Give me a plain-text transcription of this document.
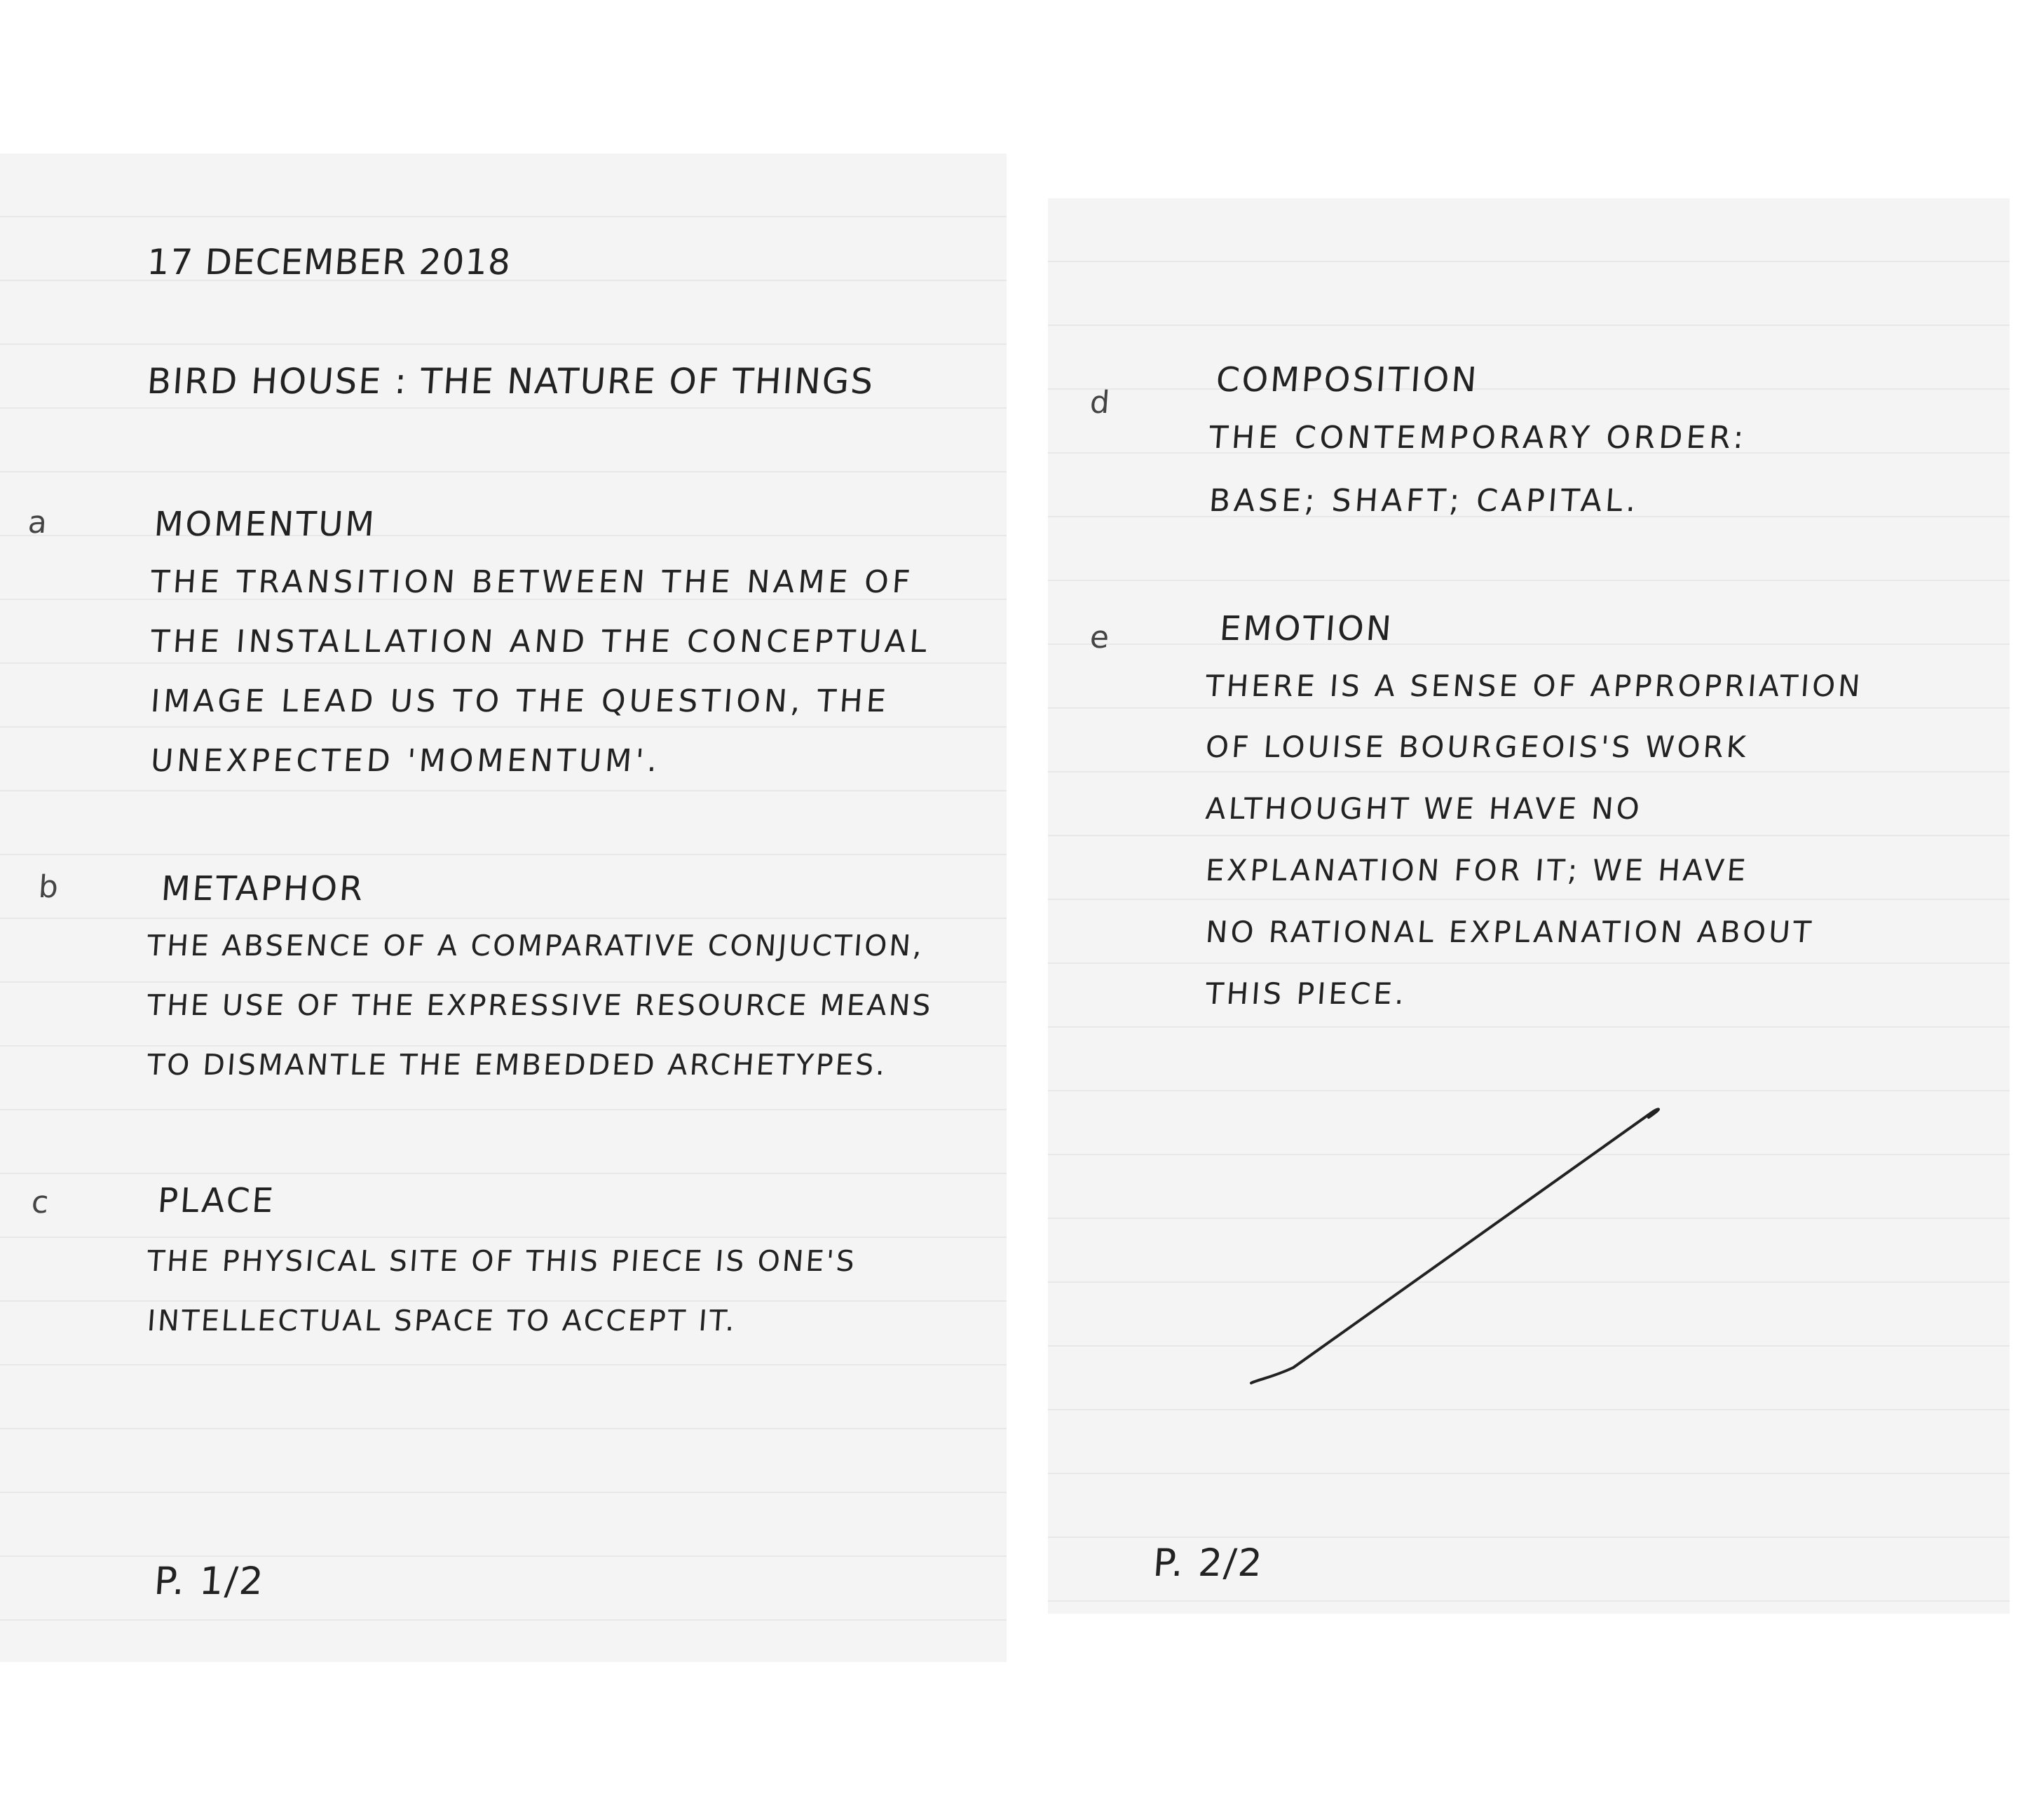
17 DECEMBER 2018
BIRD HOUSE : THE NATURE OF THINGS
a	MOMENTUM
THE TRANSITION BETWEEN THE NAME OF
THE INSTALLATION AND THE CONCEPTUAL
IMAGE LEAD US TO THE QUESTION, THE
UNEXPECTED 'MOMENTUM'.
b	METAPHOR
THE ABSENCE OF A COMPARATIVE CONJUCTION,
THE USE OF THE EXPRESSIVE RESOURCE MEANS
TO DISMANTLE THE EMBEDDED ARCHETYPES.
c	PLACE
THE PHYSICAL SITE OF THIS PIECE IS ONE'S
INTELLECTUAL SPACE TO ACCEPT IT.
P. 1/2
d
COMPOSITION
THE CONTEMPORARY ORDER:
BASE; SHAFT; CAPITAL.
e	EMOTION
THERE IS A SENSE OF APPROPRIATION
OF LOUISE BOURGEOIS'S WORK
ALTHOUGHT WE HAVE NO
EXPLANATION FOR IT; WE HAVE
NO RATIONAL EXPLANATION ABOUT
THIS PIECE.
P. 2/2
